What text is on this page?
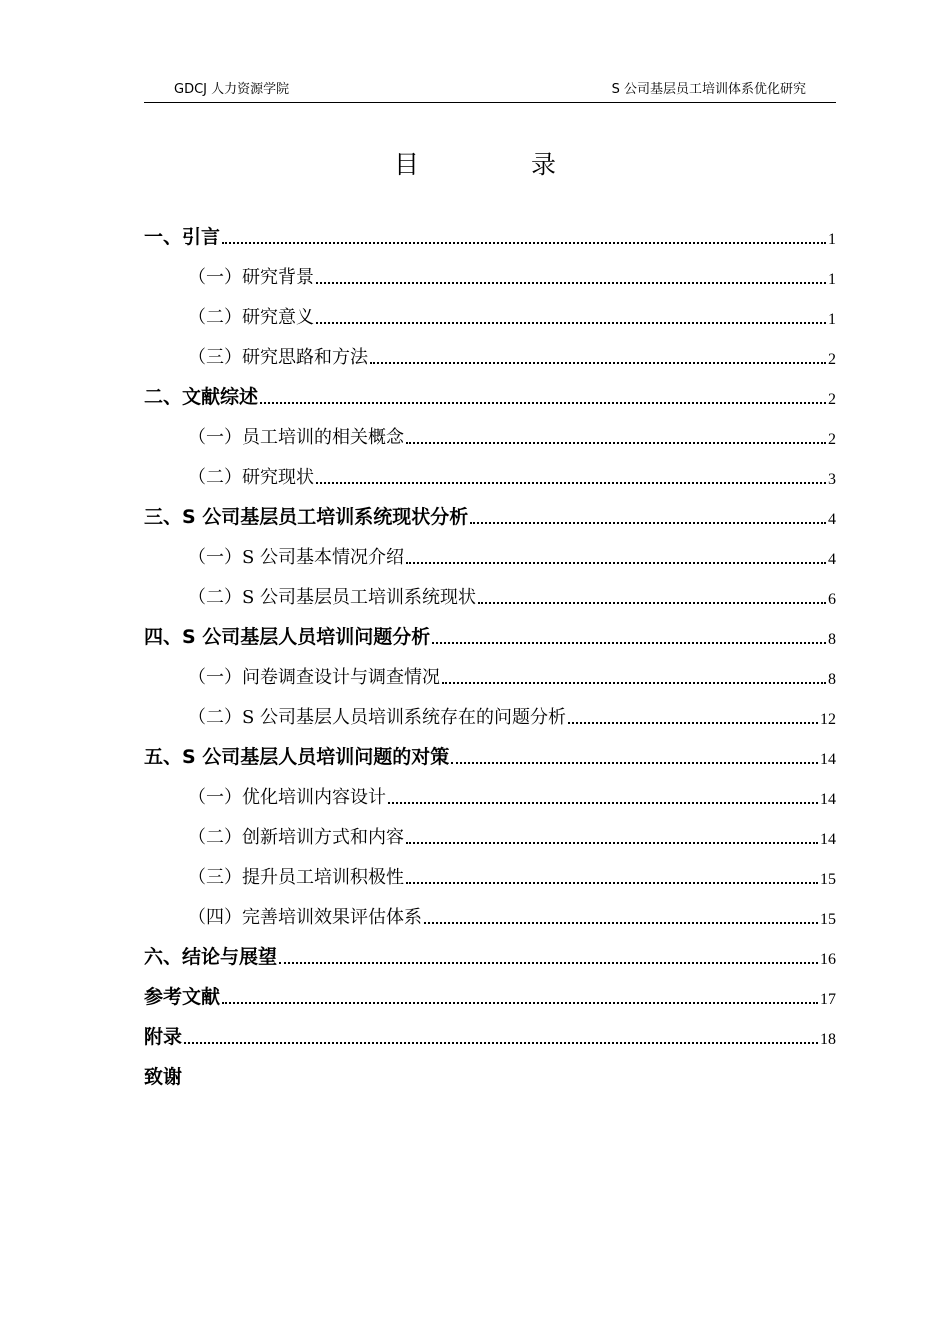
GDCJ 人力资源学院	S 公司基层员工培训体系优化研究
目	录
一、引言	1
（一）研究背景	1
（二）研究意义	1
（三）研究思路和方法	2
二、文献综述	2
（一）员工培训的相关概念	2
（二）研究现状	3
三、S 公司基层员工培训系统现状分析	4
（一）S 公司基本情况介绍	4
（二）S 公司基层员工培训系统现状	6
四、S 公司基层人员培训问题分析	8
（一）问卷调查设计与调查情况	8
（二）S 公司基层人员培训系统存在的问题分析	12
五、S 公司基层人员培训问题的对策	14
（一）优化培训内容设计	14
（二）创新培训方式和内容	14
（三）提升员工培训积极性	15
（四）完善培训效果评估体系	15
六、结论与展望	16
参考文献	17
附录	18
致谢
